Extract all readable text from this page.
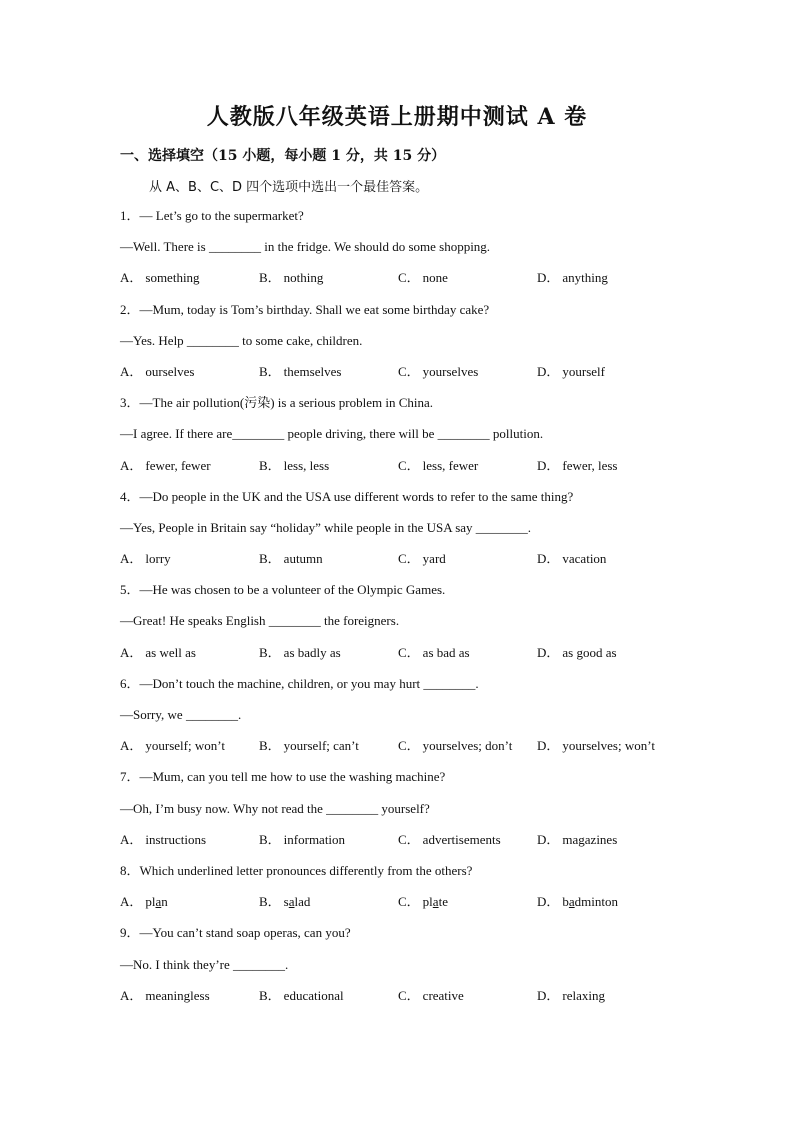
人教版八年级英语上册期中测试 A 卷
一、选择填空（15 小题，每小题 1 分，共 15 分）
从 A、B、C、D 四个选项中选出一个最佳答案。
1．— Let’s go to the supermarket?
—Well. There is ________ in the fridge. We should do some shopping.
A． something	B． nothing	C． none	D． anything
2．—Mum, today is Tom’s birthday. Shall we eat some birthday cake?
—Yes. Help ________ to some cake, children.
A． ourselves	B． themselves	C． yourselves	D． yourself
3．—The air pollution(污染) is a serious problem in China.
—I agree. If there are________ people driving, there will be ________ pollution.
A． fewer, fewer	B． less, less	C． less, fewer	D． fewer, less
4．—Do people in the UK and the USA use different words to refer to the same thing?
—Yes, People in Britain say “holiday” while people in the USA say ________.
A． lorry	B． autumn	C． yard	D． vacation
5．—He was chosen to be a volunteer of the Olympic Games.
—Great! He speaks English ________ the foreigners.
A． as well as	B． as badly as	C． as bad as	D． as good as
6．—Don’t touch the machine, children, or you may hurt ________.
—Sorry, we ________.
A． yourself; won’t	B． yourself; can’t	C． yourselves; don’t	D． yourselves; won’t
7．—Mum, can you tell me how to use the washing machine?
—Oh, I’m busy now. Why not read the ________ yourself?
A． instructions	B． information	C． advertisements	D． magazines
8．Which underlined letter pronounces differently from the others?
A． plan	B． salad	C． plate	D． badminton
9．—You can’t stand soap operas, can you?
—No. I think they’re ________.
A． meaningless	B． educational	C． creative	D． relaxing
